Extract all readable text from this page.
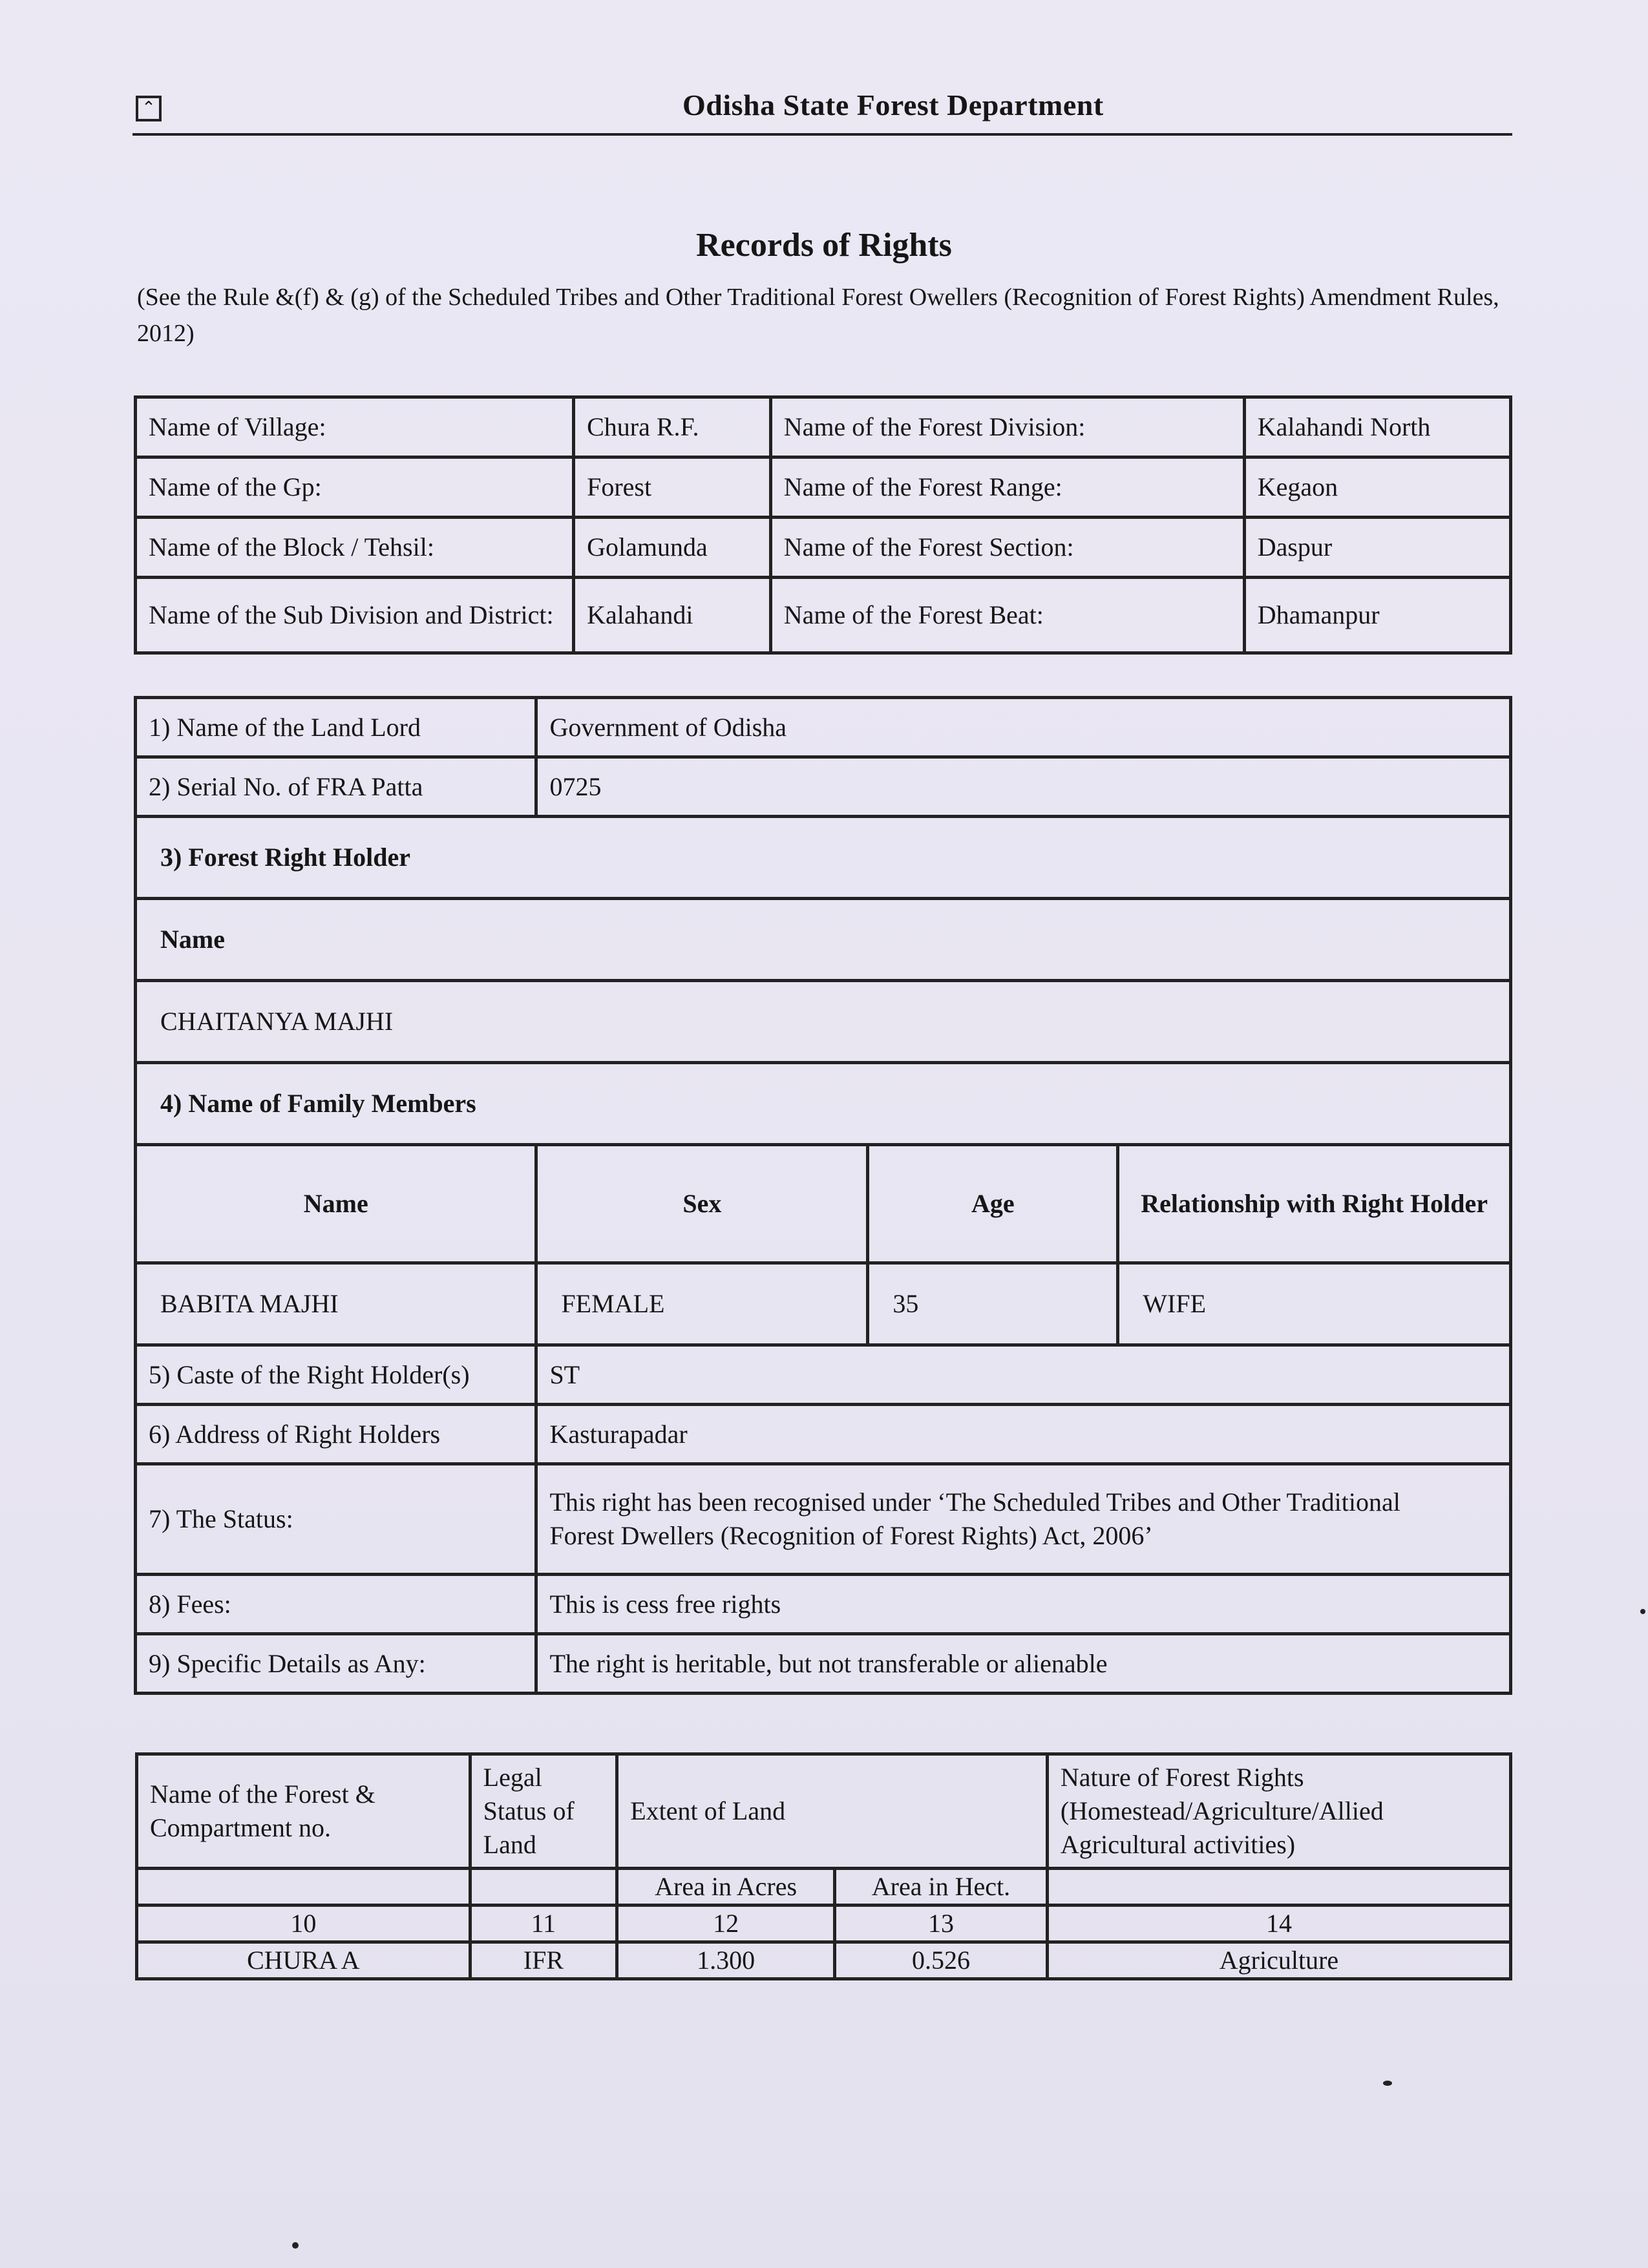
⌃	Odisha State Forest Department
Records of Rights
(See the Rule &(f) & (g) of the Scheduled Tribes and Other Traditional Forest Owellers (Recognition of Forest Rights) Amendment Rules, 2012)
Name of Village:	Chura R.F.	Name of the Forest Division:	Kalahandi North
Name of the Gp:	Forest	Name of the Forest Range:	Kegaon
Name of the Block / Tehsil:	Golamunda	Name of the Forest Section:	Daspur
Name of the Sub Division and District:	Kalahandi	Name of the Forest Beat:	Dhamanpur
1) Name of the Land Lord	Government of Odisha		
2) Serial No. of FRA Patta	0725		
3) Forest Right Holder			
Name			
CHAITANYA MAJHI			
4) Name of Family Members			
Name	Sex	Age	Relationship with Right Holder
BABITA MAJHI	FEMALE	35	WIFE
5) Caste of the Right Holder(s)	ST		
6) Address of Right Holders	Kasturapadar		
7) The Status:	This right has been recognised under ‘The Scheduled Tribes and Other Traditional
Forest Dwellers (Recognition of Forest Rights) Act, 2006’		

8) Fees:	This is cess free rights		
9) Specific Details as Any:	The right is heritable, but not transferable or alienable		
Name of the Forest & Compartment no.	Legal Status of Land	Extent of Land		Nature of Forest Rights (Homestead/Agriculture/Allied Agricultural activities)
		Area in Acres	Area in Hect.	
10	11	12	13	14
CHURA A	IFR	1.300	0.526	Agriculture
